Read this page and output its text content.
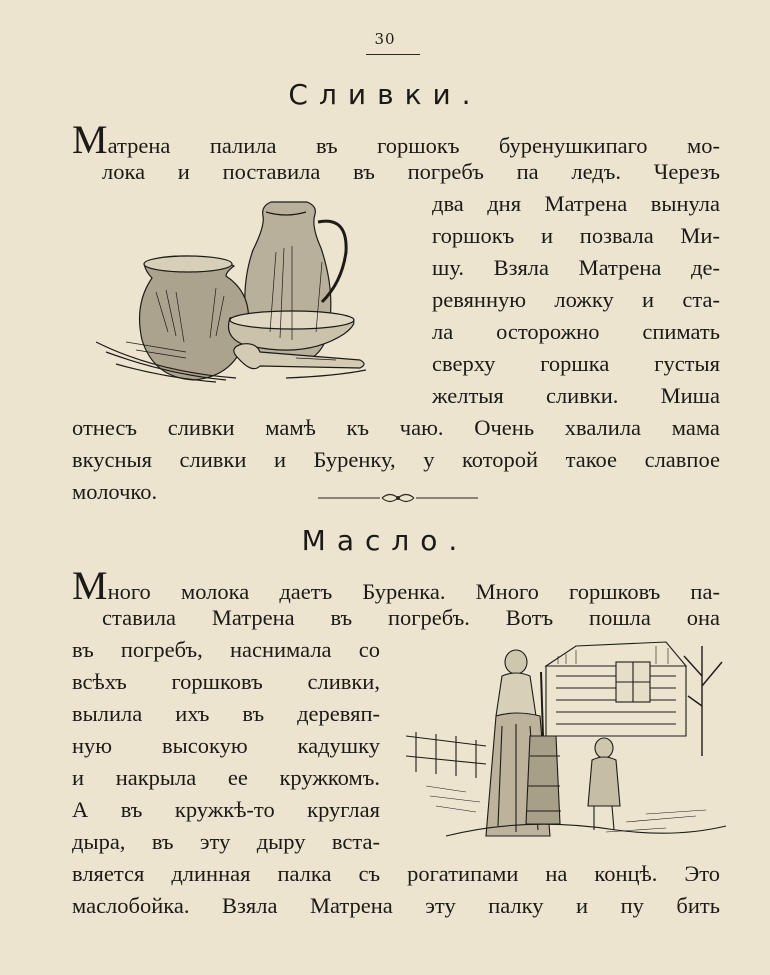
30
Сливки.
Матрена палила въ горшокъ буренушкипаго мо-
лока и поставила въ погребъ па ледъ. Черезъ
два дня Матрена вынула
горшокъ и позвала Ми-
шу. Взяла Матрена де-
ревянную ложку и ста-
ла осторожно спимать
сверху горшка густыя
желтыя сливки. Миша
отнесъ сливки мамѣ къ чаю. Очень хвалила мама
вкусныя сливки и Буренку, у которой такое славпое
молочко.
Масло.
Много молока даетъ Буренка. Много горшковъ па-
ставила Матрена въ погребъ. Вотъ пошла она
въ погребъ, наснимала со
всѣхъ горшковъ сливки,
вылила ихъ въ деревяп-
ную высокую кадушку
и накрыла ее кружкомъ.
А въ кружкѣ-то круглая
дыра, въ эту дыру вста-
вляется длинная палка съ рогатипами на концѣ. Это
маслобойка. Взяла Матрена эту палку и пу бить
